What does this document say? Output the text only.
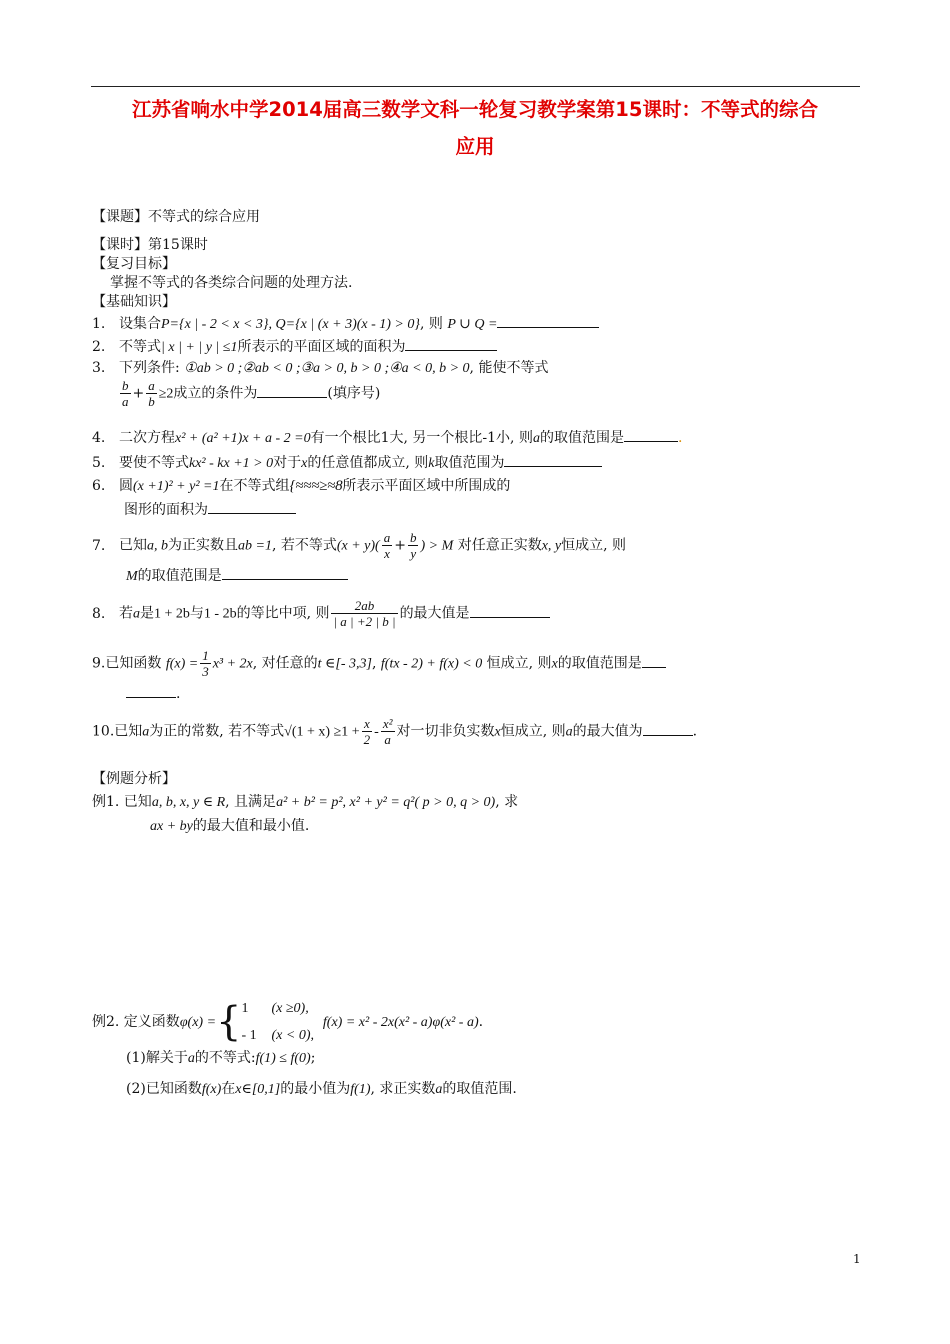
江苏省响水中学2014届高三数学文科一轮复习教学案第15课时：不等式的综合
应用
【课题】不等式的综合应用
【课时】第15课时
【复习目标】
掌握不等式的各类综合问题的处理方法.
【基础知识】
1. 设集合P={x | - 2 < x < 3}, Q={x | (x + 3)(x - 1) > 0}, 则 P ∪ Q =
2. 不等式| x | + | y | ≤1所表示的平面区域的面积为
3. 下列条件: ①ab > 0 ;②ab < 0 ;③a > 0, b > 0 ;④a < 0, b > 0, 能使不等式
$\frac{b}{a} + \frac{a}{b} \ge 2$成立的条件为	(填序号)
4. 二次方程x² + (a² +1)x + a - 2 =0有一个根比1大, 另一个根比-1小, 则a的取值范围是	.
5. 要使不等式kx² - kx +1 > 0对于x的任意值都成立, 则k取值范围为
6. 圆(x +1)² + y² =1在不等式组{ ≈ ≈ ≈ ≥ ≈ 8 所表示平面区域中所围成的
图形的面积为
7. 已知a, b为正实数且ab =1, 若不等式$(x + y)( \frac{a}{x} + \frac{b}{y}$ ) > M 对任意正实数x, y恒成立, 则
M的取值范围是
8. 若a是1 + 2b与1 - 2b的等比中项, 则 $\frac{2ab}{| a | +2 | b |}$ 的最大值是
9.已知函数 $f(x) = \frac{1}{3} x^3 + 2x$, 对任意的t ∈[- 3,3], f(tx - 2) + f(x) < 0 恒成立, 则x的取值范围是
.
10.已知a为正的常数, 若不等式$√(1 + x) \ge 1 + \frac{x}{2} - \frac{\text{x²}}{a}$ 对一切非负实数x恒成立, 则a的最大值为	.
【例题分析】
例1. 已知a, b, x, y ∈ R, 且满足a² + b² = p², x² + y² = q²( p > 0, q > 0), 求
ax + by的最大值和最小值.
例2. 定义函数φ(x) ={ 1 (x ≥0),
- 1 (x < 0),
f(x) = x² - 2x(x² - a)φ(x² - a).
(1)解关于a的不等式:f(1) ≤ f(0);
(2)已知函数f(x)在x∈[0,1]的最小值为f(1), 求正实数a的取值范围.
1
